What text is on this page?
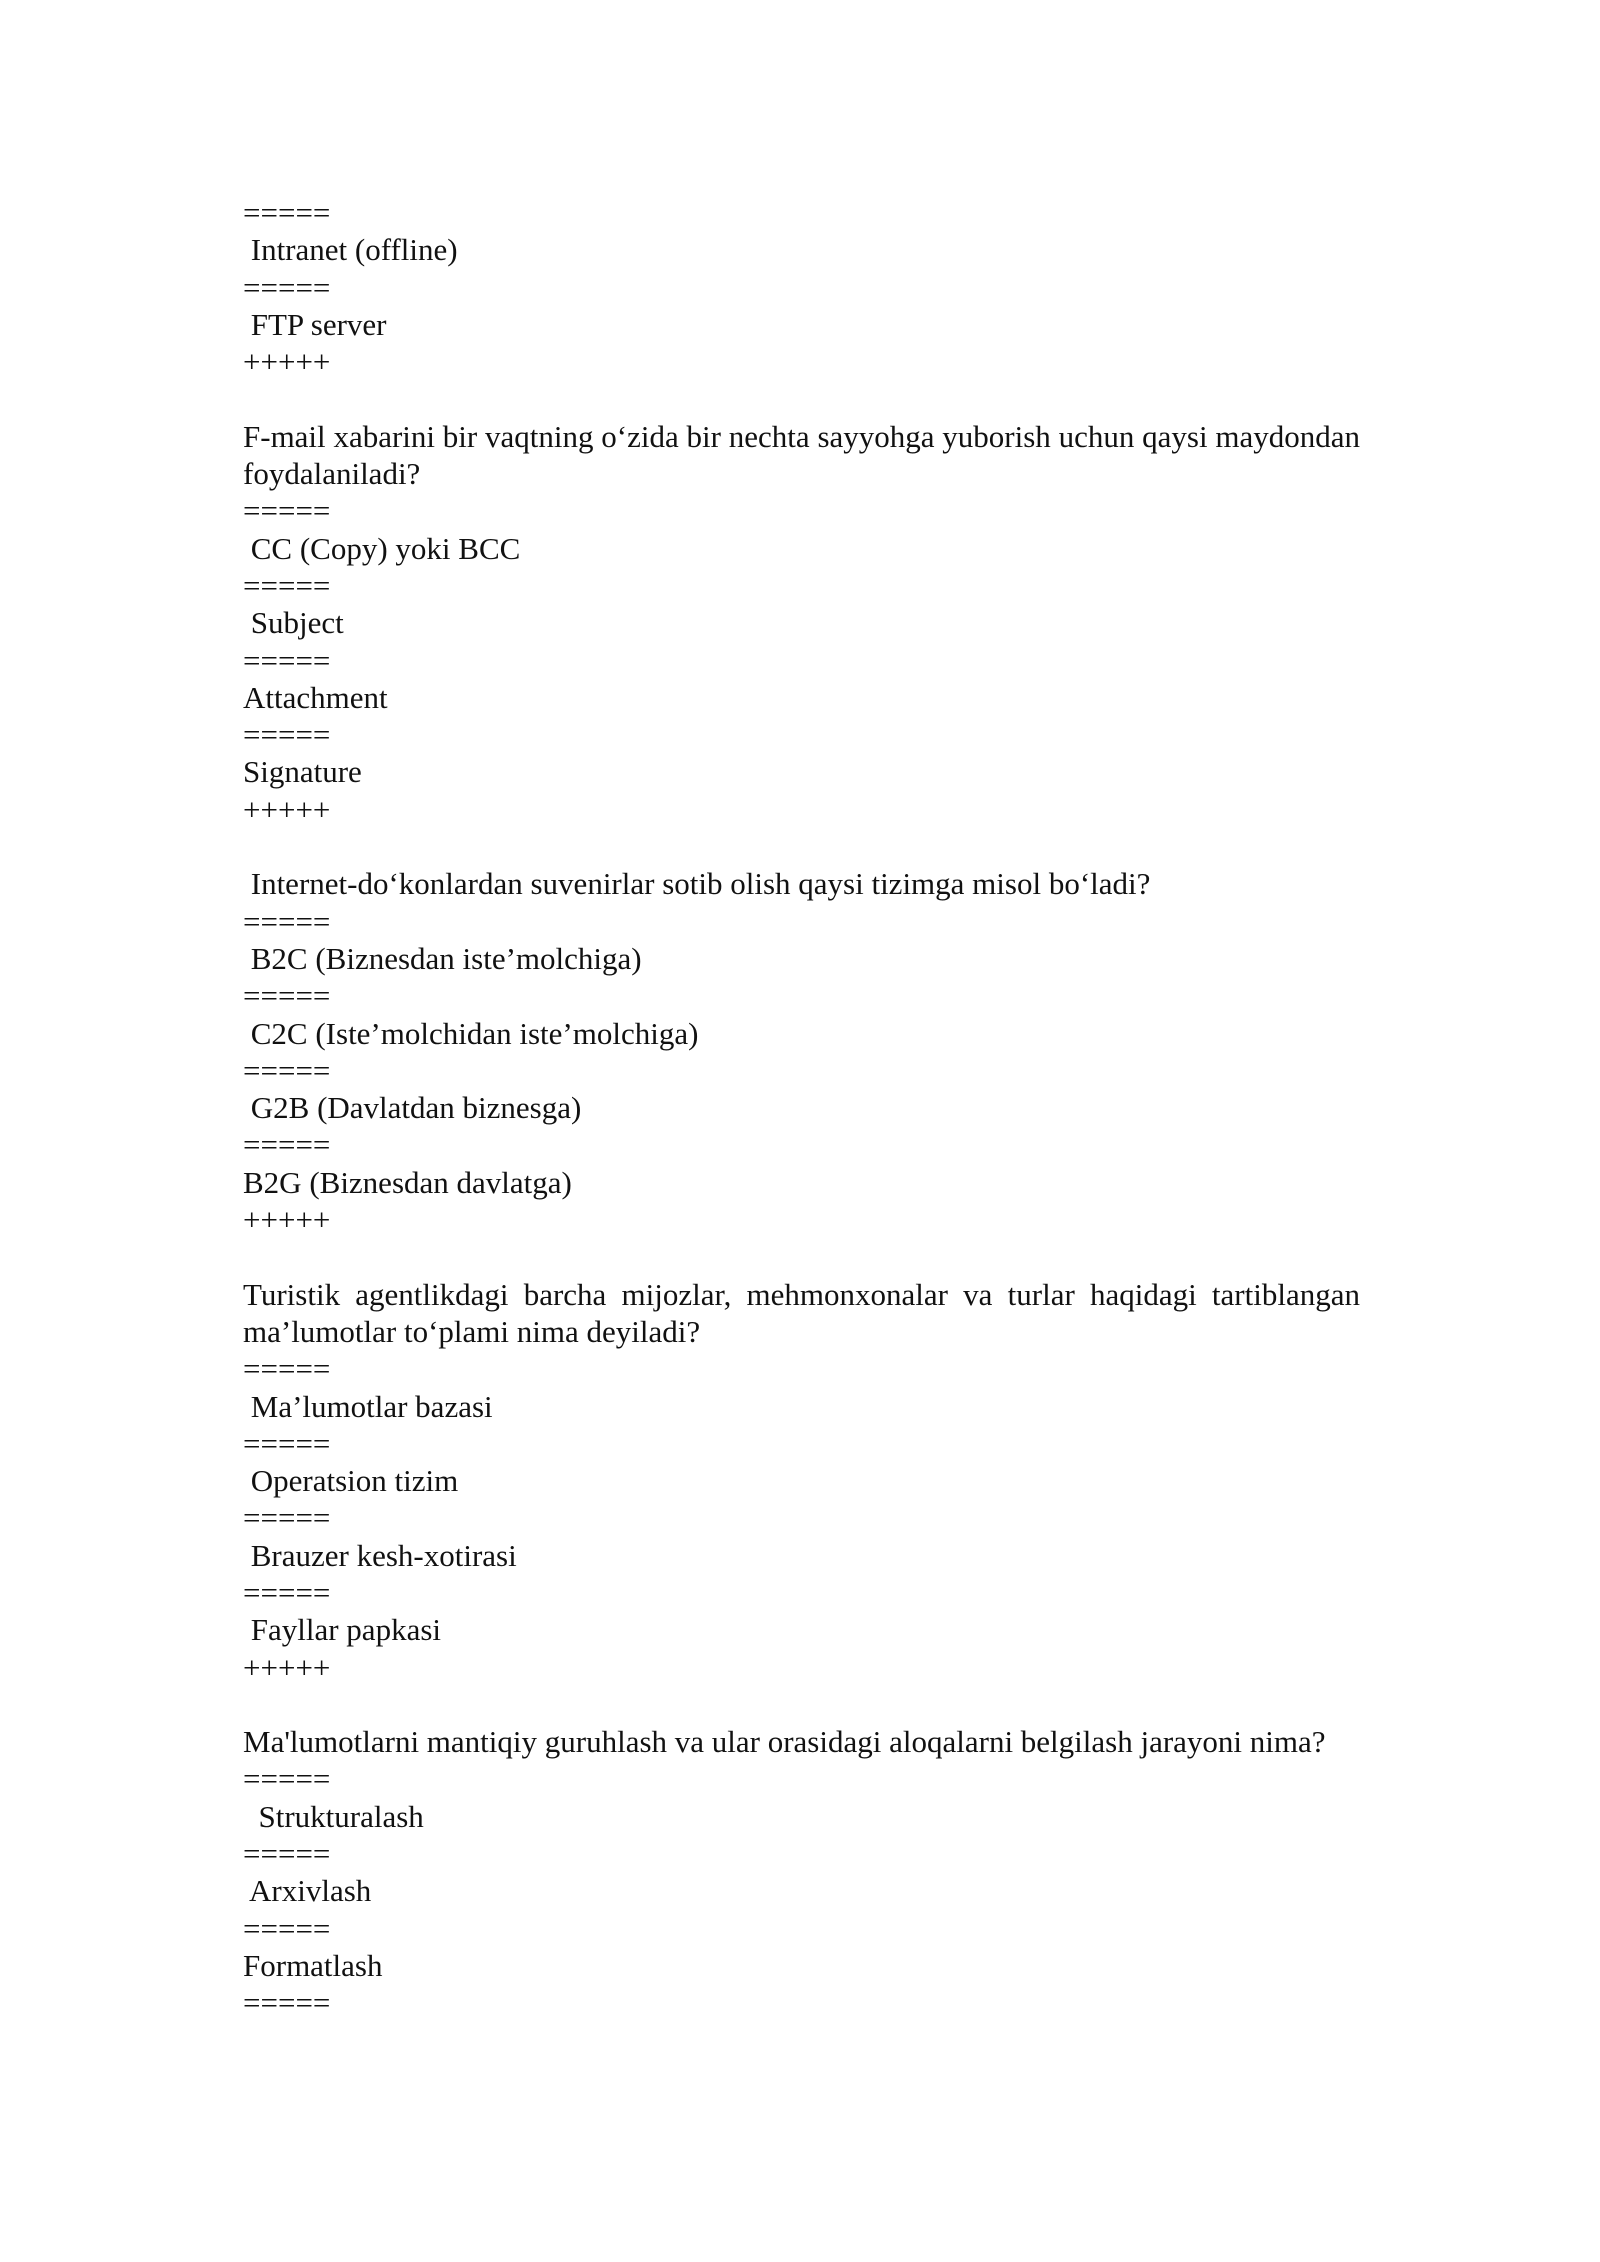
=====
Intranet (offline)
=====
FTP server
+++++
F-mail xabarini bir vaqtning o‘zida bir nechta sayyohga yuborish uchun qaysi maydondan foydalaniladi?
=====
CC (Copy) yoki BCC
=====
Subject
=====
Attachment
=====
Signature
+++++
Internet-do‘konlardan suvenirlar sotib olish qaysi tizimga misol bo‘ladi?
=====
B2C (Biznesdan iste’molchiga)
=====
C2C (Iste’molchidan iste’molchiga)
=====
G2B (Davlatdan biznesga)
=====
B2G (Biznesdan davlatga)
+++++
Turistik agentlikdagi barcha mijozlar, mehmonxonalar va turlar haqidagi tartiblangan ma’lumotlar to‘plami nima deyiladi?
=====
Ma’lumotlar bazasi
=====
Operatsion tizim
=====
Brauzer kesh-xotirasi
=====
Fayllar papkasi
+++++
Ma'lumotlarni mantiqiy guruhlash va ular orasidagi aloqalarni belgilash jarayoni nima?
=====
Strukturalash
=====
Arxivlash
=====
Formatlash
=====
